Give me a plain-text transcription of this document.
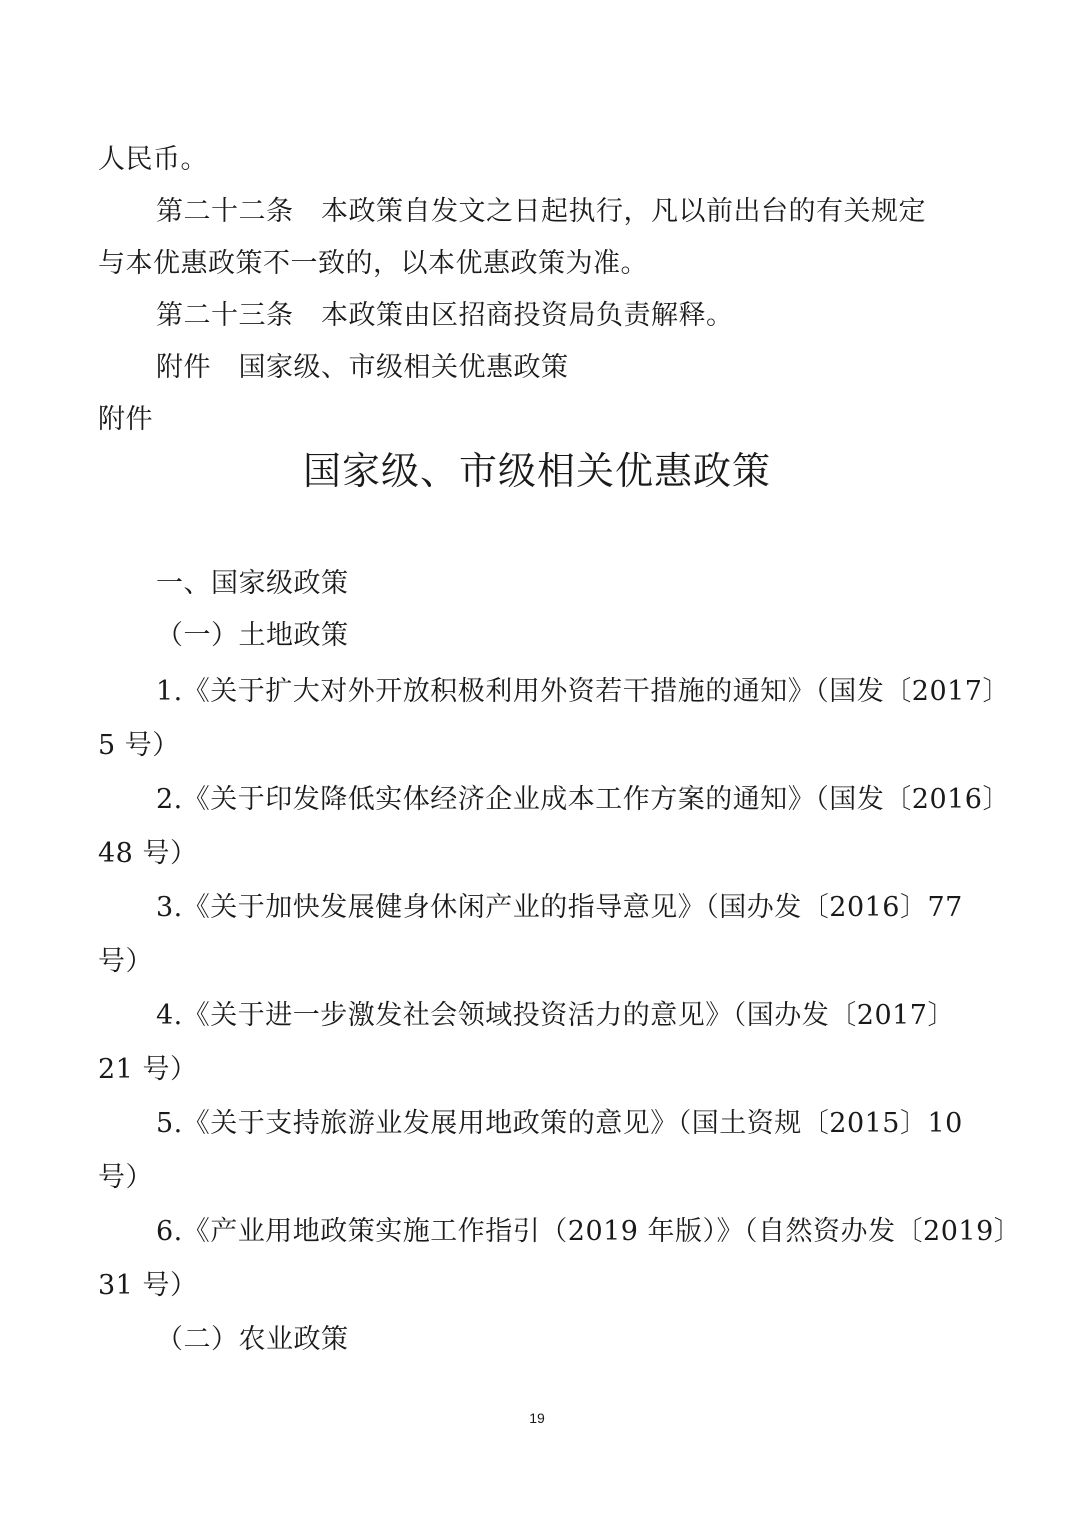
人民币。
第二十二条　本政策自发文之日起执行，凡以前出台的有关规定
与本优惠政策不一致的，以本优惠政策为准。
第二十三条　本政策由区招商投资局负责解释。
附件　国家级、市级相关优惠政策
附件
国家级、市级相关优惠政策
一、国家级政策
（一）土地政策
1.《关于扩大对外开放积极利用外资若干措施的通知》（国发〔2017〕
5 号）
2.《关于印发降低实体经济企业成本工作方案的通知》（国发〔2016〕
48 号）
3.《关于加快发展健身休闲产业的指导意见》（国办发〔2016〕77
号）
4.《关于进一步激发社会领域投资活力的意见》（国办发〔2017〕
21 号）
5.《关于支持旅游业发展用地政策的意见》（国土资规〔2015〕10
号）
6.《产业用地政策实施工作指引（2019 年版）》（自然资办发〔2019〕
31 号）
（二）农业政策
19
